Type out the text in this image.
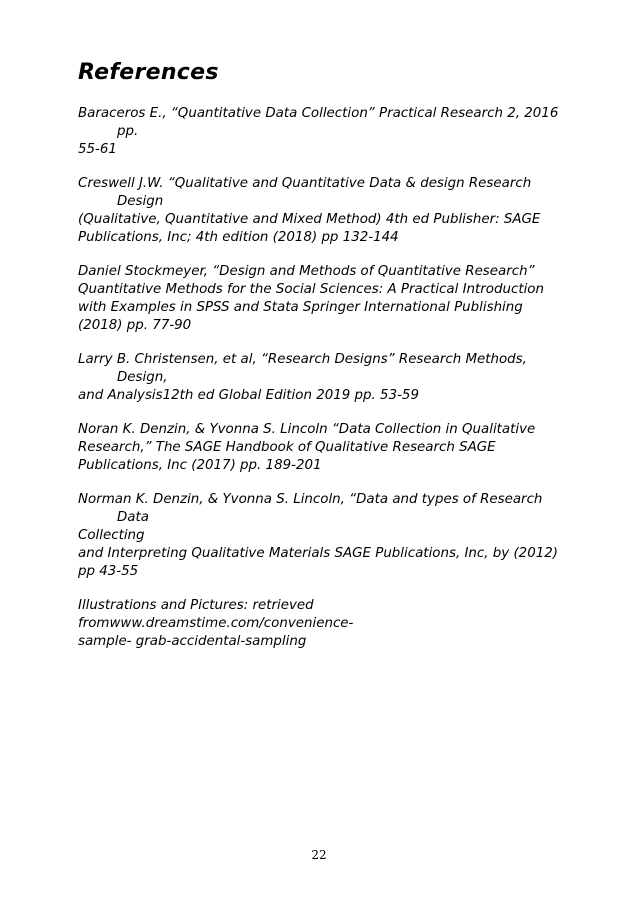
References
Baraceros E., “Quantitative Data Collection” Practical Research 2, 2016 pp.
55-61
Creswell J.W. “Qualitative and Quantitative Data & design Research Design
(Qualitative, Quantitative and Mixed Method) 4th ed Publisher: SAGE
Publications, Inc; 4th edition (2018) pp 132-144
Daniel Stockmeyer, “Design and Methods of Quantitative Research”
Quantitative Methods for the Social Sciences: A Practical Introduction
with Examples in SPSS and Stata Springer International Publishing
(2018) pp. 77-90
Larry B. Christensen, et al, “Research Designs” Research Methods, Design,
and Analysis12th ed Global Edition 2019 pp. 53-59
Noran K. Denzin, & Yvonna S. Lincoln “Data Collection in Qualitative
Research,” The SAGE Handbook of Qualitative Research SAGE
Publications, Inc (2017) pp. 189-201
Norman K. Denzin, & Yvonna S. Lincoln, “Data and types of Research Data
Collecting
and Interpreting Qualitative Materials SAGE Publications, Inc, by (2012)
pp 43-55
Illustrations and Pictures: retrieved fromwww.dreamstime.com/convenience-
sample- grab-accidental-sampling
22
